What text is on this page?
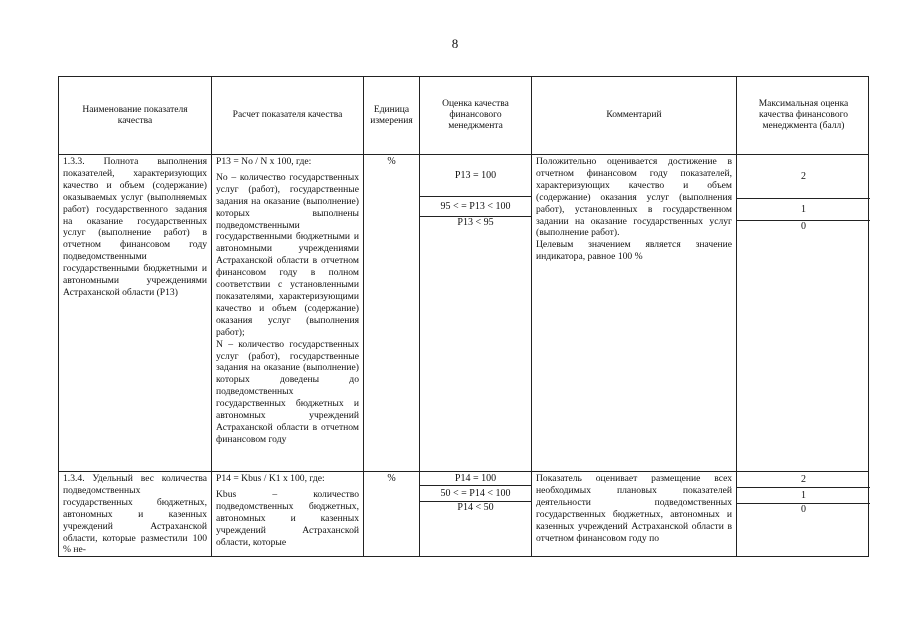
8
Наименование показателя качества
Расчет показателя качества
Единица измерения
Оценка качества финансового менеджмента
Комментарий
Максимальная оценка качества финансового менеджмента (балл)
1.3.3. Полнота выполнения показателей, характеризующих качество и объем (содержание) оказываемых услуг (выполняемых работ) государственного задания на оказание государственных услуг (выполнение работ) в отчетном финансовом году подведомственными государственными бюджетными и автономными учреждениями Астраханской области (P13)

P13 = No / N x 100, где:

No – количество государственных услуг (работ), государственные задания на оказание (выполнение) которых выполнены подведомственными государственными бюджетными и автономными учреждениями Астраханской области в отчетном финансовом году в полном соответствии с установленными показателями, характеризующими качество и объем (содержание) оказания услуг (выполнения работ);

N – количество государственных услуг (работ), государственные задания на оказание (выполнение) которых доведены до подведомственных государственных бюджетных и автономных учреждений Астраханской области в отчетном финансовом году

%
P13 = 100
95 < = P13 < 100
P13 < 95

Положительно оценивается достижение в отчетном финансовом году показателей, характеризующих качество и объем (содержание) оказания услуг (выполнения работ), установленных в государственном задании на оказание государственных услуг (выполнение работ).

Целевым значением является значение индикатора, равное 100 %

2
1
0
1.3.4. Удельный вес количества подведомственных государственных бюджетных, автономных и казенных учреждений Астраханской области, которые разместили 100 % не-

P14 = Kbus / K1 x 100, где:

Kbus – количество подведомственных бюджетных, автономных и казенных учреждений Астраханской области, которые

%	P14 = 100
50 < = P14 < 100
P14 < 50

Показатель оценивает размещение всех необходимых плановых показателей деятельности подведомственных государственных бюджетных, автономных и казенных учреждений Астраханской области в отчетном финансовом году по

2
1
0
